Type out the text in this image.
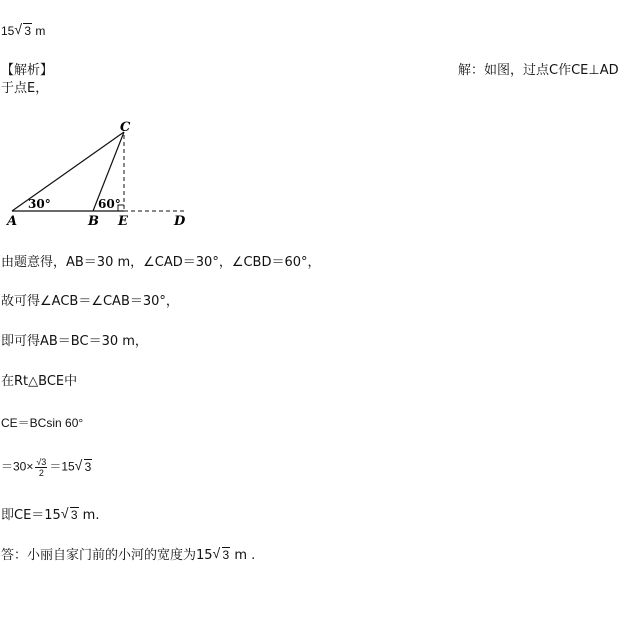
15 √ 3 m
【解析】	解：如图，过点C作CE⊥AD
于点E，
30°	60°
C
A	B E	D
由题意得，AB＝30 m，∠CAD＝30°，∠CBD＝60°，
故可得∠ACB＝∠CAB＝30°，
即可得AB＝BC＝30 m，
在Rt△BCE中
CE＝BCsin 60°
$=30\times \frac{√3}{2} =15$ √ 3
即CE＝15 √ 3 m.
答：小丽自家门前的小河的宽度为15 √ 3 m .
